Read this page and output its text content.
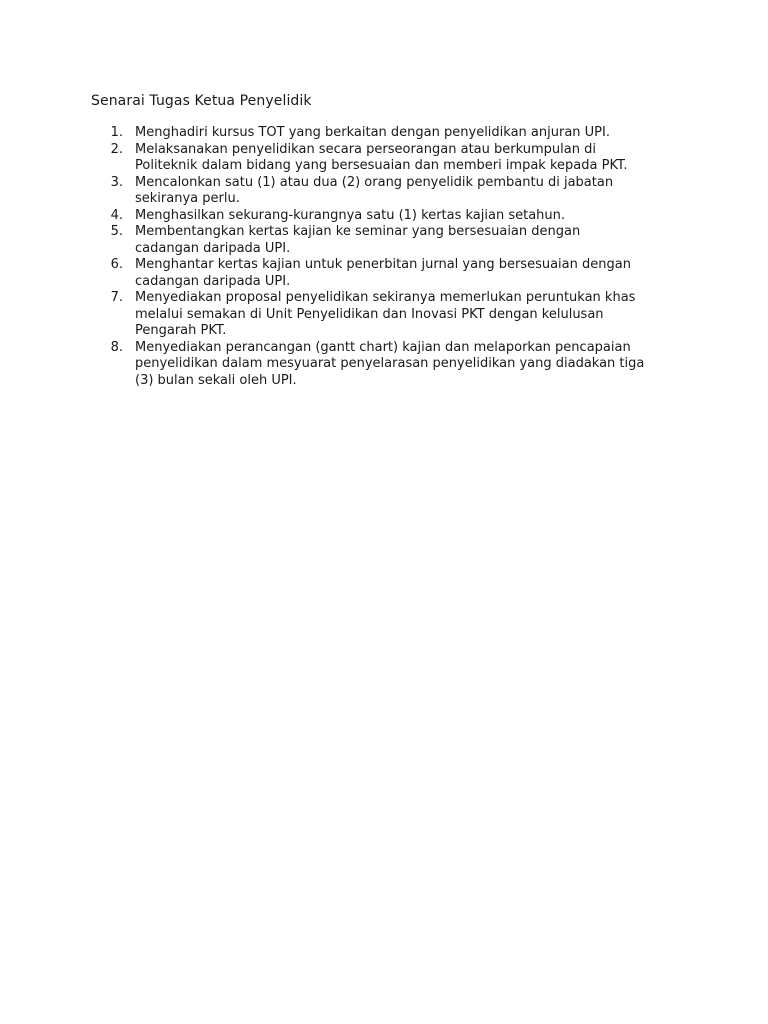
Senarai Tugas Ketua Penyelidik
1. Menghadiri kursus TOT yang berkaitan dengan penyelidikan anjuran UPI.
2. Melaksanakan penyelidikan secara perseorangan atau berkumpulan di
Politeknik dalam bidang yang bersesuaian dan memberi impak kepada PKT.
3. Mencalonkan satu (1) atau dua (2) orang penyelidik pembantu di jabatan
sekiranya perlu.
4. Menghasilkan sekurang-kurangnya satu (1) kertas kajian setahun.
5. Membentangkan kertas kajian ke seminar yang bersesuaian dengan
cadangan daripada UPI.
6. Menghantar kertas kajian untuk penerbitan jurnal yang bersesuaian dengan
cadangan daripada UPI.
7. Menyediakan proposal penyelidikan sekiranya memerlukan peruntukan khas
melalui semakan di Unit Penyelidikan dan Inovasi PKT dengan kelulusan
Pengarah PKT.
8. Menyediakan perancangan (gantt chart) kajian dan melaporkan pencapaian
penyelidikan dalam mesyuarat penyelarasan penyelidikan yang diadakan tiga
(3) bulan sekali oleh UPI.
